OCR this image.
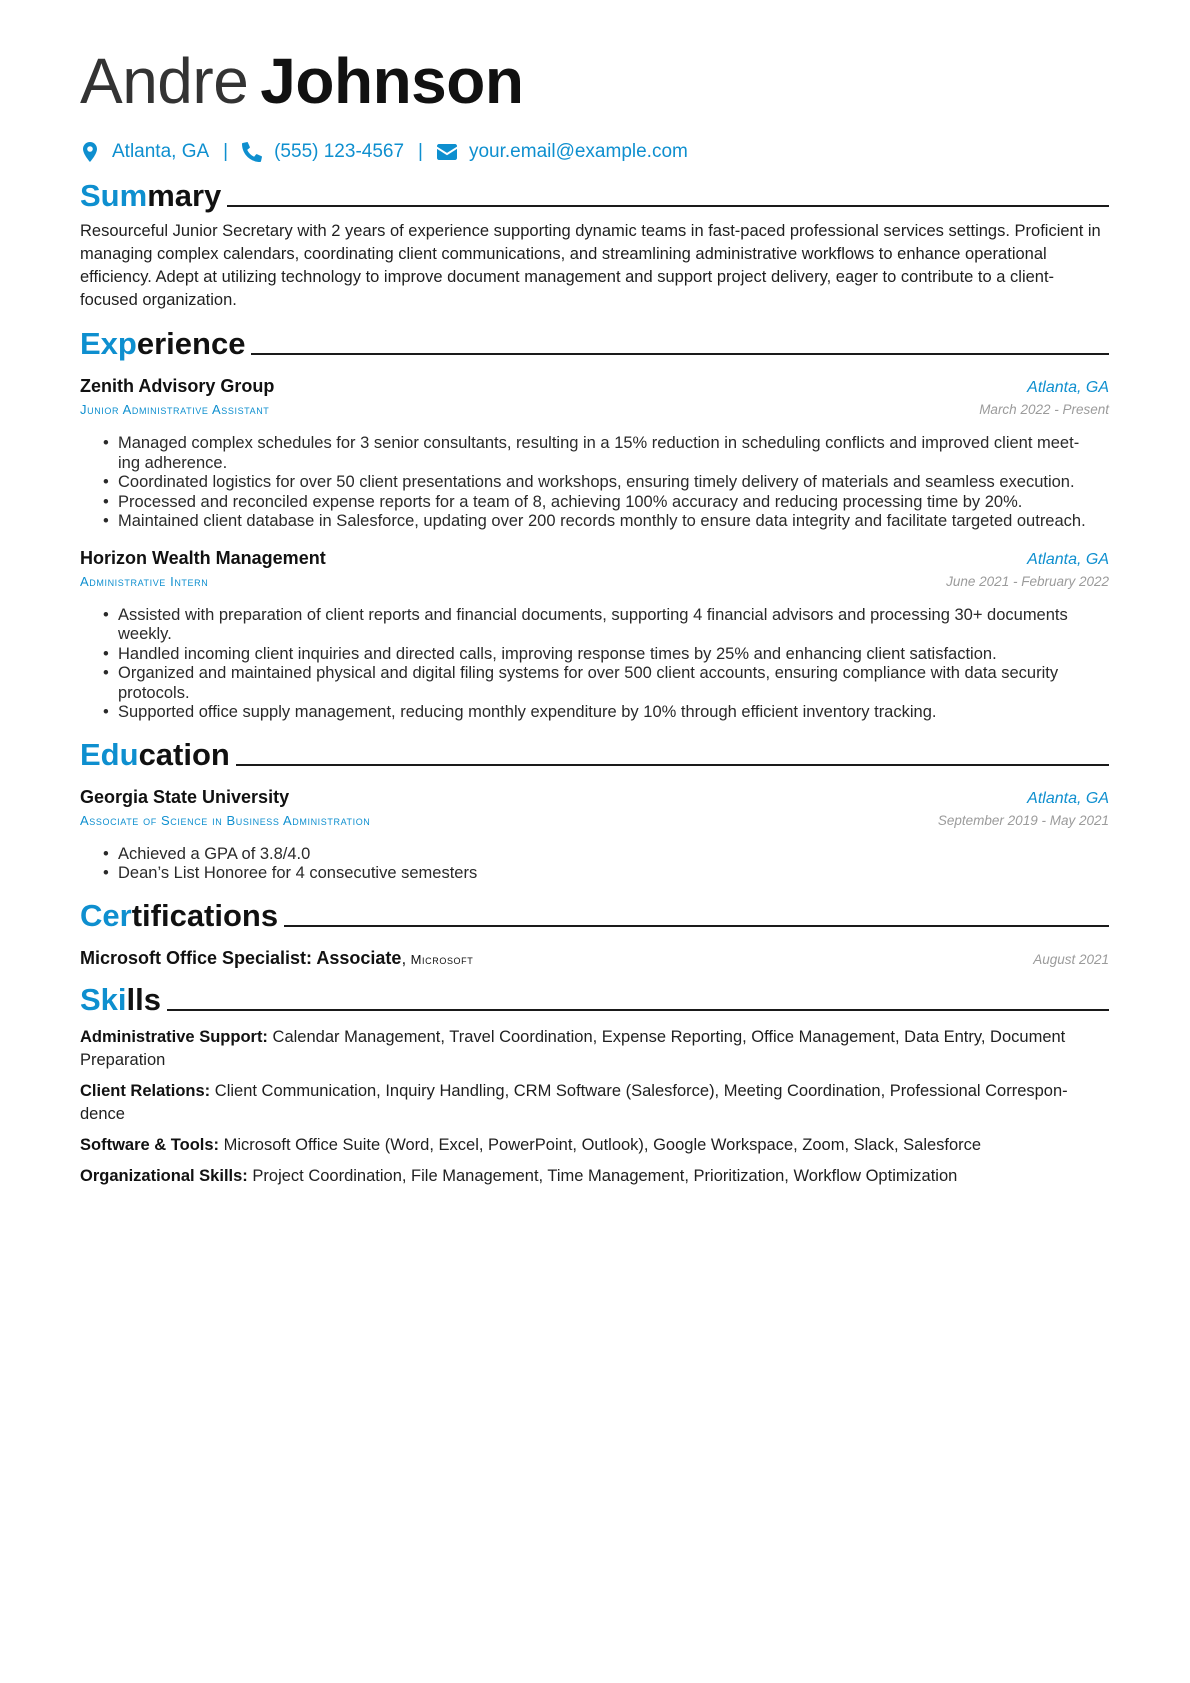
Andre Johnson
Atlanta, GA | (555) 123-4567 | your.email@example.com
Summary
Resourceful Junior Secretary with 2 years of experience supporting dynamic teams in fast-paced professional services settings. Proficient in managing complex calendars, coordinating client communications, and streamlining administrative workflows to enhance operational efficiency. Adept at utilizing technology to improve document management and support project delivery, eager to contribute to a client-focused organization.
Experience
Zenith Advisory Group	Atlanta, GA
Junior Administrative Assistant	March 2022 - Present
• Managed complex schedules for 3 senior consultants, resulting in a 15% reduction in scheduling conflicts and improved client meet-ing adherence.
• Coordinated logistics for over 50 client presentations and workshops, ensuring timely delivery of materials and seamless execution.
• Processed and reconciled expense reports for a team of 8, achieving 100% accuracy and reducing processing time by 20%.
• Maintained client database in Salesforce, updating over 200 records monthly to ensure data integrity and facilitate targeted outreach.
Horizon Wealth Management	Atlanta, GA
Administrative Intern	June 2021 - February 2022
• Assisted with preparation of client reports and financial documents, supporting 4 financial advisors and processing 30+ documents weekly.
• Handled incoming client inquiries and directed calls, improving response times by 25% and enhancing client satisfaction.
• Organized and maintained physical and digital filing systems for over 500 client accounts, ensuring compliance with data security protocols.
• Supported office supply management, reducing monthly expenditure by 10% through efficient inventory tracking.
Education
Georgia State University	Atlanta, GA
Associate of Science in Business Administration	September 2019 - May 2021
• Achieved a GPA of 3.8/4.0
• Dean’s List Honoree for 4 consecutive semesters
Certifications
Microsoft Office Specialist: Associate, Microsoft	August 2021
Skills
Administrative Support: Calendar Management, Travel Coordination, Expense Reporting, Office Management, Data Entry, Document Preparation
Client Relations: Client Communication, Inquiry Handling, CRM Software (Salesforce), Meeting Coordination, Professional Correspon-dence
Software & Tools: Microsoft Office Suite (Word, Excel, PowerPoint, Outlook), Google Workspace, Zoom, Slack, Salesforce
Organizational Skills: Project Coordination, File Management, Time Management, Prioritization, Workflow Optimization
